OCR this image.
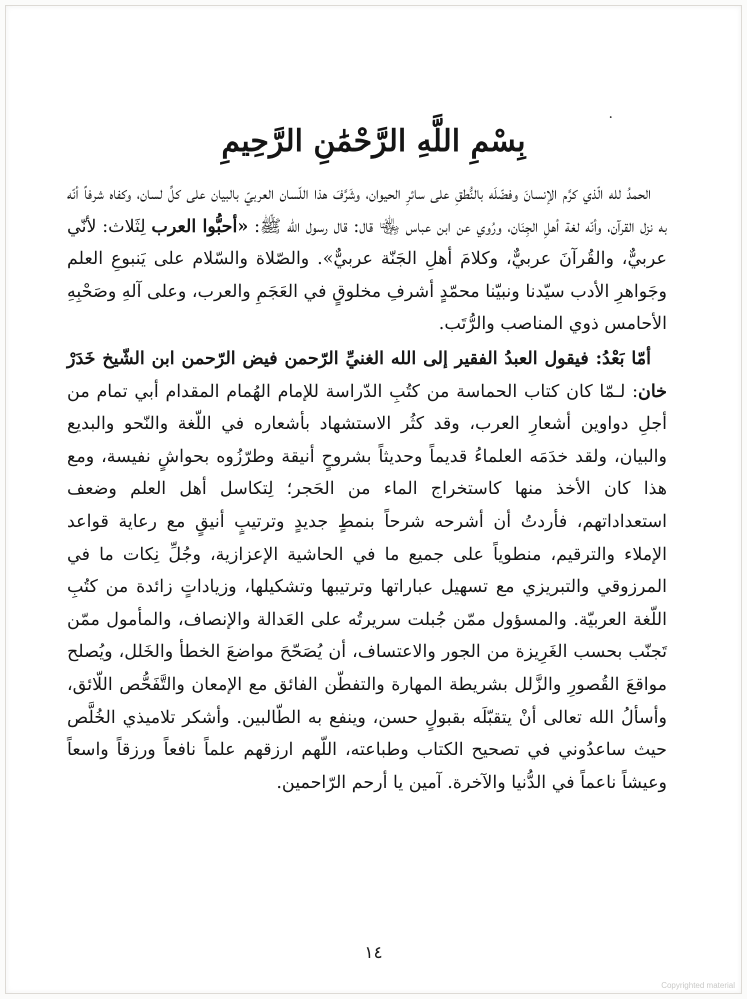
.
بِسْمِ اللَّهِ الرَّحْمَٰنِ الرَّحِيمِ

الحمدُ لله الّذي كرَّم الإنسانَ وفضّلَه بالنُّطقِ على سائرِ الحيوان، وشَرَّفَ هذا اللّسان العربيّ بالبيان على كلِّ لسان، وكفاه شرفاً أنّه به نزل القرآن، وأنّه لغة أهلِ الجِنَان، ورُوي عن ابن عباس ﵄ قال: قال رسول الله ﷺ: «أحبُّوا العرب لِثَلاث: لأنّي عربيٌّ، والقُرآنَ عربيٌّ، وكلامَ أهلِ الجَنّة عربيٌّ». والصّلاة والسّلام على يَنبوعِ العلم وجَواهرِ الأدب سيّدنا ونبيّنا محمّدٍ أشرفِ مخلوقٍ في العَجَمِ والعرب، وعلى آلهِ وصَحْبِهِ الأحامس ذوي المناصب والرُّتَب.

أمّا بَعْدُ: فيقول العبدُ الفقير إلى الله الغنيِّ الرّحمن فيض الرّحمن ابن الشّيخ خَدَرْ خان: لـمّا كان كتاب الحماسة من كتُبِ الدّراسة للإمام الهُمام المقدام أبي تمام من أجلِ دواوين أشعارِ العرب، وقد كثُر الاستشهاد بأشعاره في اللّغة والنّحو والبديع والبيان، ولقد خدَمَه العلماءُ قديماً وحديثاً بشروحٍ أنيقة وطرّزُوه بحواشٍ نفيسة، ومع هذا كان الأخذ منها كاستخراج الماء من الحَجر؛ لِتكاسل أهل العلم وضعف استعداداتهم، فأردتُ أن أشرحه شرحاً بنمطٍ جديدٍ وترتيبٍ أنيقٍ مع رعاية قواعد الإملاء والترقيم، منطوياً على جميع ما في الحاشية الإعزازية، وجُلِّ نِكات ما في المرزوقي والتبريزي مع تسهيل عباراتها وترتيبها وتشكيلها، وزياداتٍ زائدة من كتُبِ اللّغة العربيّة. والمسؤول ممّن جُبلت سريرتُه على العَدالة والإنصاف، والمأمول ممّن تَجنّب بحسب الغَرِيزة من الجور والاعتساف، أن يُصَحّحَ مواضعَ الخطأ والخَلل، ويُصلح مواقعَ القُصورِ والزَّلل بشريطة المهارة والتفطّن الفائق مع الإمعان والتَّفَحُّص اللّائق، وأسألُ الله تعالى أنْ يتقبّلَه بقبولٍ حسن، وينفع به الطّالبين. وأشكر تلاميذي الخُلَّص حيث ساعدُوني في تصحيح الكتاب وطباعته، اللّهم ارزقهم علماً نافعاً ورزقاً واسعاً وعيشاً ناعماً في الدُّنيا والآخرة. آمين يا أرحم الرّاحمين.

١٤
Copyrighted material
